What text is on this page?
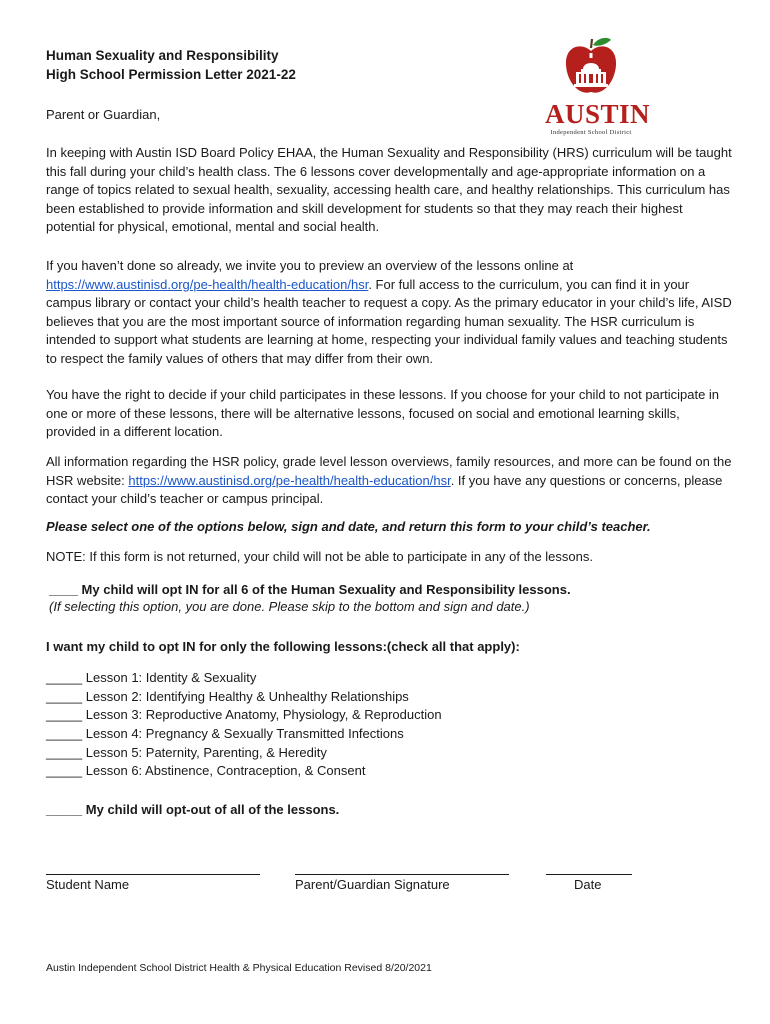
Human Sexuality and Responsibility
High School Permission Letter 2021-22
AUSTIN
Independent School District
Parent or Guardian,
In keeping with Austin ISD Board Policy EHAA, the Human Sexuality and Responsibility (HRS) curriculum will be taught this fall during your child’s health class. The 6 lessons cover developmentally and age-appropriate information on a range of topics related to sexual health, sexuality, accessing health care, and healthy relationships. This curriculum has been established to provide information and skill development for students so that they may reach their highest potential for physical, emotional, mental and social health.
If you haven’t done so already, we invite you to preview an overview of the lessons online at https://www.austinisd.org/pe-health/health-education/hsr. For full access to the curriculum, you can find it in your campus library or contact your child’s health teacher to request a copy. As the primary educator in your child’s life, AISD believes that you are the most important source of information regarding human sexuality. The HSR curriculum is intended to support what students are learning at home, respecting your individual family values and teaching students to respect the family values of others that may differ from their own.
You have the right to decide if your child participates in these lessons. If you choose for your child to not participate in one or more of these lessons, there will be alternative lessons, focused on social and emotional learning skills, provided in a different location.
All information regarding the HSR policy, grade level lesson overviews, family resources, and more can be found on the HSR website: https://www.austinisd.org/pe-health/health-education/hsr. If you have any questions or concerns, please contact your child’s teacher or campus principal.
Please select one of the options below, sign and date, and return this form to your child’s teacher.
NOTE: If this form is not returned, your child will not be able to participate in any of the lessons.
____ My child will opt IN for all 6 of the Human Sexuality and Responsibility lessons.
(If selecting this option, you are done. Please skip to the bottom and sign and date.)
I want my child to opt IN for only the following lessons:(check all that apply):
_____ Lesson 1: Identity & Sexuality
_____ Lesson 2: Identifying Healthy & Unhealthy Relationships
_____ Lesson 3: Reproductive Anatomy, Physiology, & Reproduction
_____ Lesson 4: Pregnancy & Sexually Transmitted Infections
_____ Lesson 5: Paternity, Parenting, & Heredity
_____ Lesson 6: Abstinence, Contraception, & Consent
_____ My child will opt-out of all of the lessons.
Student Name	Parent/Guardian Signature	Date
Austin Independent School District Health & Physical Education Revised 8/20/2021
